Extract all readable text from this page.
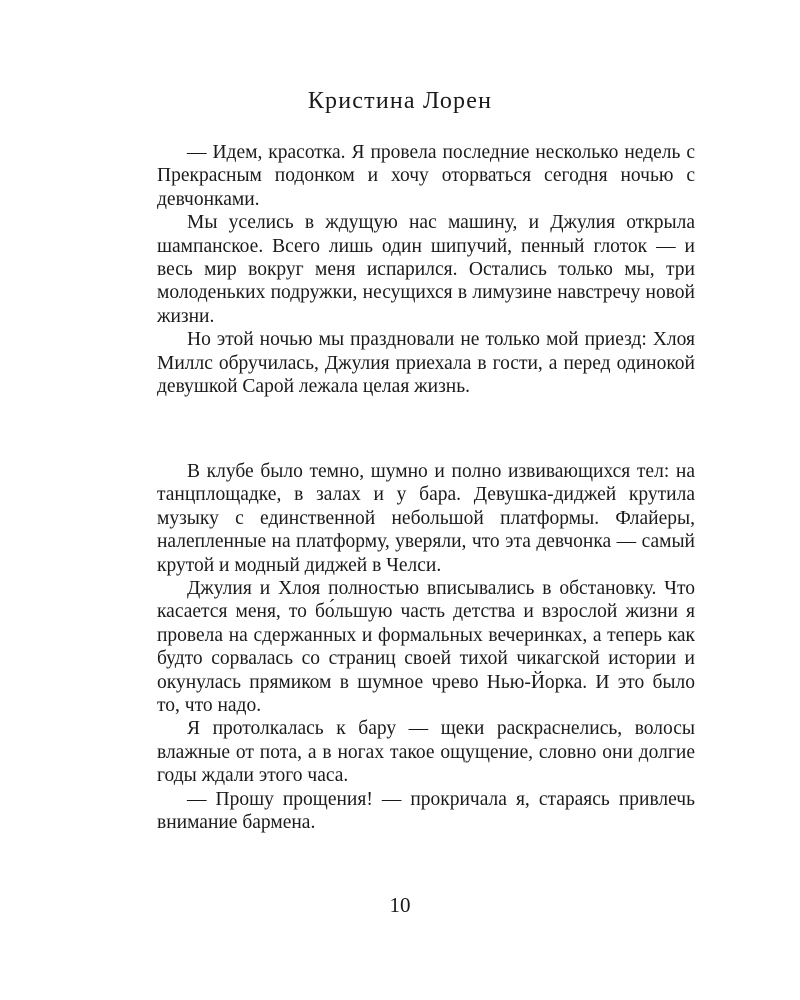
Кристина Лорен

— Идем, красотка. Я провела последние несколько недель с Прекрасным подонком и хочу оторваться сегодня ночью с девчонками.

Мы уселись в ждущую нас машину, и Джулия открыла шампанское. Всего лишь один шипучий, пенный глоток — и весь мир вокруг меня испарился. Остались только мы, три молоденьких подружки, несущихся в лимузине навстречу новой жизни.

Но этой ночью мы праздновали не только мой приезд: Хлоя Миллс обручилась, Джулия приехала в гости, а перед одинокой девушкой Сарой лежала целая жизнь.

В клубе было темно, шумно и полно извивающихся тел: на танцплощадке, в залах и у бара. Девушка-диджей крутила музыку с единственной небольшой платформы. Флайеры, налепленные на платформу, уверяли, что эта девчонка — самый крутой и модный диджей в Челси.

Джулия и Хлоя полностью вписывались в обстановку. Что касается меня, то бо́льшую часть детства и взрослой жизни я провела на сдержанных и формальных вечеринках, а теперь как будто сорвалась со страниц своей тихой чикагской истории и окунулась прямиком в шумное чрево Нью-Йорка. И это было то, что надо.

Я протолкалась к бару — щеки раскраснелись, волосы влажные от пота, а в ногах такое ощущение, словно они долгие годы ждали этого часа.

— Прошу прощения! — прокричала я, стараясь привлечь внимание бармена.

10
